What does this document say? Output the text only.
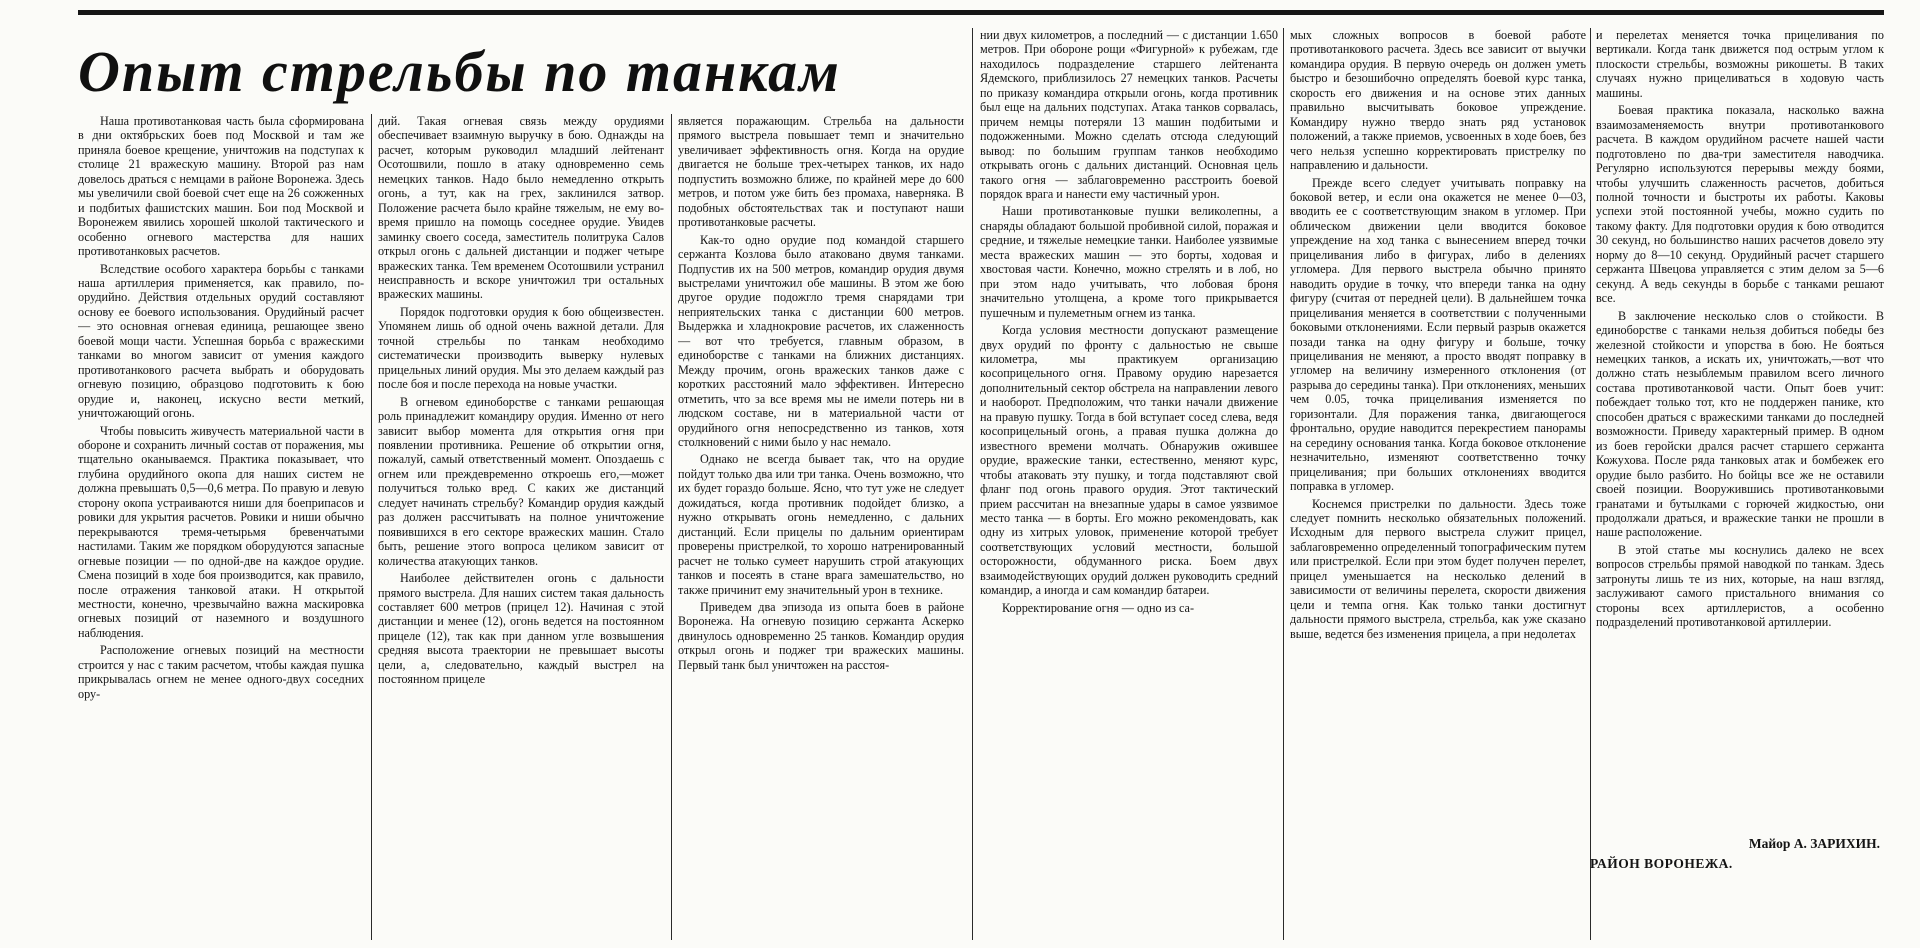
Опыт стрельбы по танкам

Наша противотанковая часть была сформирована в дни октябрьских боев под Москвой и там же приняла боевое крещение, уничтожив на подступах к столице 21 вражескую машину. Второй раз нам довелось драться с немцами в районе Воронежа. Здесь мы увеличили свой боевой счет еще на 26 сожженных и подбитых фашистских машин. Бои под Москвой и Воронежем явились хорошей школой тактического и особенно огневого мастерства для наших противотанковых расчетов.

Вследствие особого характера борьбы с танками наша артиллерия применяется, как правило, по-орудийно. Действия отдельных орудий составляют основу ее боевого использования. Орудийный расчет — это основная огневая единица, решающее звено боевой мощи части. Успешная борьба с вражескими танками во многом зависит от умения каждого противотанкового расчета выбрать и оборудовать огневую позицию, образцово подготовить к бою орудие и, наконец, искусно вести меткий, уничтожающий огонь.

Чтобы повысить живучесть материальной части в обороне и сохранить личный состав от поражения, мы тщательно оканываемся. Практика показывает, что глубина орудийного окопа для наших систем не должна превышать 0,5—0,6 метра. По правую и левую сторону окопа устраиваются ниши для боеприпасов и ровики для укрытия расчетов. Ровики и ниши обычно перекрываются тремя-четырьмя бревенчатыми настилами. Таким же порядком оборудуются запасные огневые позиции — по одной-две на каждое орудие. Смена позиций в ходе боя производится, как правило, после отражения танковой атаки. Н открытой местности, конечно, чрезвычайно важна маскировка огневых позиций от наземного и воздушного наблюдения.

Расположение огневых позиций на местности строится у нас с таким расчетом, чтобы каждая пушка прикрывалась огнем не менее одного-двух соседних ору-

дий. Такая огневая связь между орудиями обеспечивает взаимную выручку в бою. Однажды на расчет, которым руководил младший лейтенант Осотошвили, пошло в атаку одновременно семь немецких танков. Надо было немедленно открыть огонь, а тут, как на грех, заклинился затвор. Положение расчета было крайне тяжелым, не ему во-время пришло на помощь соседнее орудие. Увидев заминку своего соседа, заместитель политрука Салов открыл огонь с дальней дистанции и поджег четыре вражеских танка. Тем временем Осотошвили устранил неисправность и вскоре уничтожил три остальных вражеских машины.

Порядок подготовки орудия к бою общеизвестен. Упомянем лишь об одной очень важной детали. Для точной стрельбы по танкам необходимо систематически производить выверку нулевых прицельных линий орудия. Мы это делаем каждый раз после боя и после перехода на новые участки.

В огневом единоборстве с танками решающая роль принадлежит командиру орудия. Именно от него зависит выбор момента для открытия огня при появлении противника. Решение об открытии огня, пожалуй, самый ответственный момент. Опоздаешь с огнем или преждевременно откроешь его,—может получиться только вред. С каких же дистанций следует начинать стрельбу? Командир орудия каждый раз должен рассчитывать на полное уничтожение появившихся в его секторе вражеских машин. Стало быть, решение этого вопроса целиком зависит от количества атакующих танков.

Наиболее действителен огонь с дальности прямого выстрела. Для наших систем такая дальность составляет 600 метров (прицел 12). Начиная с этой дистанции и менее (12), огонь ведется на постоянном прицеле (12), так как при данном угле возвышения средняя высота траектории не превышает высоты цели, а, следовательно, каждый выстрел на постоянном прицеле

является поражающим. Стрельба на дальности прямого выстрела повышает темп и значительно увеличивает эффективность огня. Когда на орудие двигается не больше трех-четырех танков, их надо подпустить возможно ближе, по крайней мере до 600 метров, и потом уже бить без промаха, наверняка. В подобных обстоятельствах так и поступают наши противотанковые расчеты.

Как-то одно орудие под командой старшего сержанта Козлова было атаковано двумя танками. Подпустив их на 500 метров, командир орудия двумя выстрелами уничтожил обе машины. В этом же бою другое орудие подожгло тремя снарядами три неприятельских танка с дистанции 600 метров. Выдержка и хладнокровие расчетов, их слаженность — вот что требуется, главным образом, в единоборстве с танками на ближних дистанциях. Между прочим, огонь вражеских танков даже с коротких расстояний мало эффективен. Интересно отметить, что за все время мы не имели потерь ни в людском составе, ни в материальной части от орудийного огня непосредственно из танков, хотя столкновений с ними было у нас немало.

Однако не всегда бывает так, что на орудие пойдут только два или три танка. Очень возможно, что их будет гораздо больше. Ясно, что тут уже не следует дожидаться, когда противник подойдет близко, а нужно открывать огонь немедленно, с дальних дистанций. Если прицелы по дальним ориентирам проверены пристрелкой, то хорошо натренированный расчет не только сумеет нарушить строй атакующих танков и посеять в стане врага замешательство, но также причинит ему значительный урон в технике.

Приведем два эпизода из опыта боев в районе Воронежа. На огневую позицию сержанта Аскерко двинулось одновременно 25 танков. Командир орудия открыл огонь и поджег три вражеских машины. Первый танк был уничтожен на расстоя-

нии двух километров, а последний — с дистанции 1.650 метров. При обороне рощи «Фигурной» к рубежам, где находилось подразделение старшего лейтенанта Ядемского, приблизилось 27 немецких танков. Расчеты по приказу командира открыли огонь, когда противник был еще на дальних подступах. Атака танков сорвалась, причем немцы потеряли 13 машин подбитыми и подожженными. Можно сделать отсюда следующий вывод: по большим группам танков необходимо открывать огонь с дальних дистанций. Основная цель такого огня — заблаговременно расстроить боевой порядок врага и нанести ему частичный урон.

Наши противотанковые пушки великолепны, а снаряды обладают большой пробивной силой, поражая и средние, и тяжелые немецкие танки. Наиболее уязвимые места вражеских машин — это борты, ходовая и хвостовая части. Конечно, можно стрелять и в лоб, но при этом надо учитывать, что лобовая броня значительно утолщена, а кроме того прикрывается пушечным и пулеметным огнем из танка.

Когда условия местности допускают размещение двух орудий по фронту с дальностью не свыше километра, мы практикуем организацию косоприцельного огня. Правому орудию нарезается дополнительный сектор обстрела на направлении левого и наоборот. Предположим, что танки начали движение на правую пушку. Тогда в бой вступает сосед слева, ведя косоприцельный огонь, а правая пушка должна до известного времени молчать. Обнаружив ожившее орудие, вражеские танки, естественно, меняют курс, чтобы атаковать эту пушку, и тогда подставляют свой фланг под огонь правого орудия. Этот тактический прием рассчитан на внезапные удары в самое уязвимое место танка — в борты. Его можно рекомендовать, как одну из хитрых уловок, применение которой требует соответствующих условий местности, большой осторожности, обдуманного риска. Боем двух взаимодействующих орудий должен руководить средний командир, а иногда и сам командир батареи.

Корректирование огня — одно из са-

мых сложных вопросов в боевой работе противотанкового расчета. Здесь все зависит от выучки командира орудия. В первую очередь он должен уметь быстро и безошибочно определять боевой курс танка, скорость его движения и на основе этих данных правильно высчитывать боковое упреждение. Командиру нужно твердо знать ряд установок положений, а также приемов, усвоенных в ходе боев, без чего нельзя успешно корректировать пристрелку по направлению и дальности.

Прежде всего следует учитывать поправку на боковой ветер, и если она окажется не менее 0—03, вводить ее с соответствующим знаком в угломер. При облическом движении цели вводится боковое упреждение на ход танка с вынесением вперед точки прицеливания либо в фигурах, либо в делениях угломера. Для первого выстрела обычно принято наводить орудие в точку, что впереди танка на одну фигуру (считая от передней цели). В дальнейшем точка прицеливания меняется в соответствии с полученными боковыми отклонениями. Если первый разрыв окажется позади танка на одну фигуру и больше, точку прицеливания не меняют, а просто вводят поправку в угломер на величину измеренного отклонения (от разрыва до середины танка). При отклонениях, меньших чем 0.05, точка прицеливания изменяется по горизонтали. Для поражения танка, двигающегося фронтально, орудие наводится перекрестием панорамы на середину основания танка. Когда боковое отклонение незначительно, изменяют соответственно точку прицеливания; при больших отклонениях вводится поправка в угломер.

Коснемся пристрелки по дальности. Здесь тоже следует помнить несколько обязательных положений. Исходным для первого выстрела служит прицел, заблаговременно определенный топографическим путем или пристрелкой. Если при этом будет получен перелет, прицел уменьшается на несколько делений в зависимости от величины перелета, скорости движения цели и темпа огня. Как только танки достигнут дальности прямого выстрела, стрельба, как уже сказано выше, ведется без изменения прицела, а при недолетах

и перелетах меняется точка прицеливания по вертикали. Когда танк движется под острым углом к плоскости стрельбы, возможны рикошеты. В таких случаях нужно прицеливаться в ходовую часть машины.

Боевая практика показала, насколько важна взаимозаменяемость внутри противотанкового расчета. В каждом орудийном расчете нашей части подготовлено по два-три заместителя наводчика. Регулярно используются перерывы между боями, чтобы улучшить слаженность расчетов, добиться полной точности и быстроты их работы. Каковы успехи этой постоянной учебы, можно судить по такому факту. Для подготовки орудия к бою отводится 30 секунд, но большинство наших расчетов довело эту норму до 8—10 секунд. Орудийный расчет старшего сержанта Швецова управляется с этим делом за 5—6 секунд. А ведь секунды в борьбе с танками решают все.

В заключение несколько слов о стойкости. В единоборстве с танками нельзя добиться победы без железной стойкости и упорства в бою. Не бояться немецких танков, а искать их, уничтожать,—вот что должно стать незыблемым правилом всего личного состава противотанковой части. Опыт боев учит: побеждает только тот, кто не поддержен панике, кто способен драться с вражескими танками до последней возможности. Приведу характерный пример. В одном из боев геройски дрался расчет старшего сержанта Кожухова. После ряда танковых атак и бомбежек его орудие было разбито. Но бойцы все же не оставили своей позиции. Вооружившись противотанковыми гранатами и бутылками с горючей жидкостью, они продолжали драться, и вражеские танки не прошли в наше расположение.

В этой статье мы коснулись далеко не всех вопросов стрельбы прямой наводкой по танкам. Здесь затронуты лишь те из них, которые, на наш взгляд, заслуживают самого пристального внимания со стороны всех артиллеристов, а особенно подразделений противотанковой артиллерии.

Майор А. ЗАРИХИН.
РАЙОН ВОРОНЕЖА.
